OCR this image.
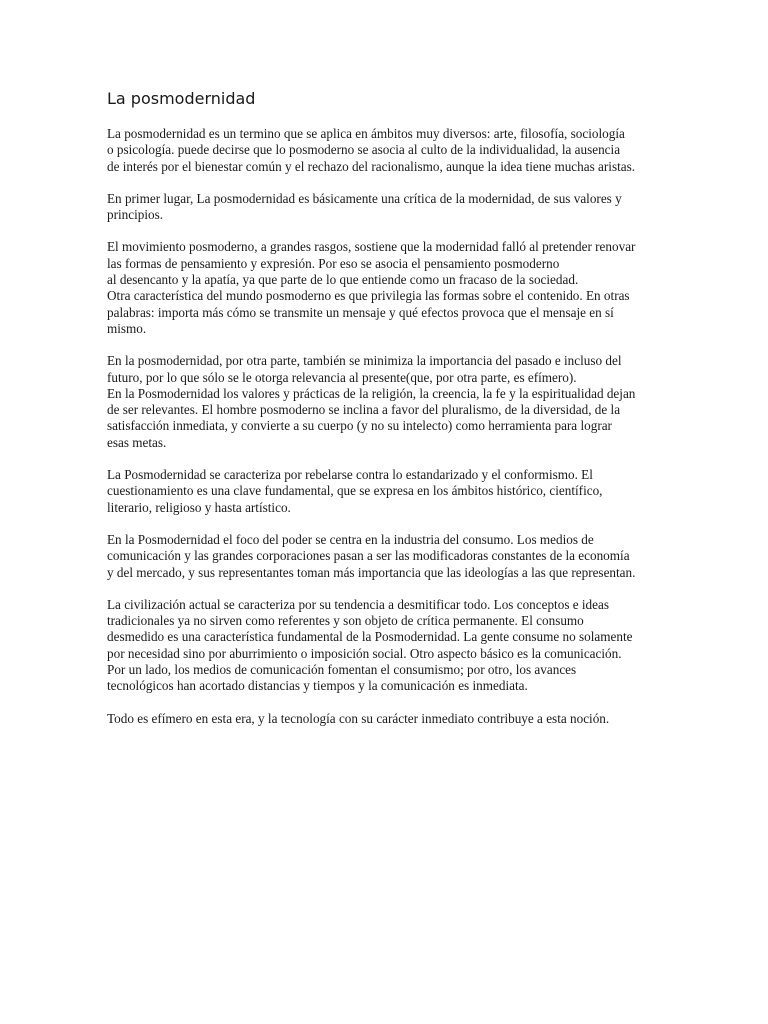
La posmodernidad
La posmodernidad es un termino que se aplica en ámbitos muy diversos: arte, filosofía, sociología
o psicología. puede decirse que lo posmoderno se asocia al culto de la individualidad, la ausencia
de interés por el bienestar común y el rechazo del racionalismo, aunque la idea tiene muchas aristas.
En primer lugar, La posmodernidad es básicamente una crítica de la modernidad, de sus valores y
principios.
El movimiento posmoderno, a grandes rasgos, sostiene que la modernidad falló al pretender renovar
las formas de pensamiento y expresión. Por eso se asocia el pensamiento posmoderno
al desencanto y la apatía, ya que parte de lo que entiende como un fracaso de la sociedad.
Otra característica del mundo posmoderno es que privilegia las formas sobre el contenido. En otras
palabras: importa más cómo se transmite un mensaje y qué efectos provoca que el mensaje en sí
mismo.
En la posmodernidad, por otra parte, también se minimiza la importancia del pasado e incluso del
futuro, por lo que sólo se le otorga relevancia al presente(que, por otra parte, es efímero).
En la Posmodernidad los valores y prácticas de la religión, la creencia, la fe y la espiritualidad dejan
de ser relevantes. El hombre posmoderno se inclina a favor del pluralismo, de la diversidad, de la
satisfacción inmediata, y convierte a su cuerpo (y no su intelecto) como herramienta para lograr
esas metas.
La Posmodernidad se caracteriza por rebelarse contra lo estandarizado y el conformismo. El
cuestionamiento es una clave fundamental, que se expresa en los ámbitos histórico, científico,
literario, religioso y hasta artístico.
En la Posmodernidad el foco del poder se centra en la industria del consumo. Los medios de
comunicación y las grandes corporaciones pasan a ser las modificadoras constantes de la economía
y del mercado, y sus representantes toman más importancia que las ideologías a las que representan.
La civilización actual se caracteriza por su tendencia a desmitificar todo. Los conceptos e ideas
tradicionales ya no sirven como referentes y son objeto de crítica permanente. El consumo
desmedido es una característica fundamental de la Posmodernidad. La gente consume no solamente
por necesidad sino por aburrimiento o imposición social. Otro aspecto básico es la comunicación.
Por un lado, los medios de comunicación fomentan el consumismo; por otro, los avances
tecnológicos han acortado distancias y tiempos y la comunicación es inmediata.
Todo es efímero en esta era, y la tecnología con su carácter inmediato contribuye a esta noción.
